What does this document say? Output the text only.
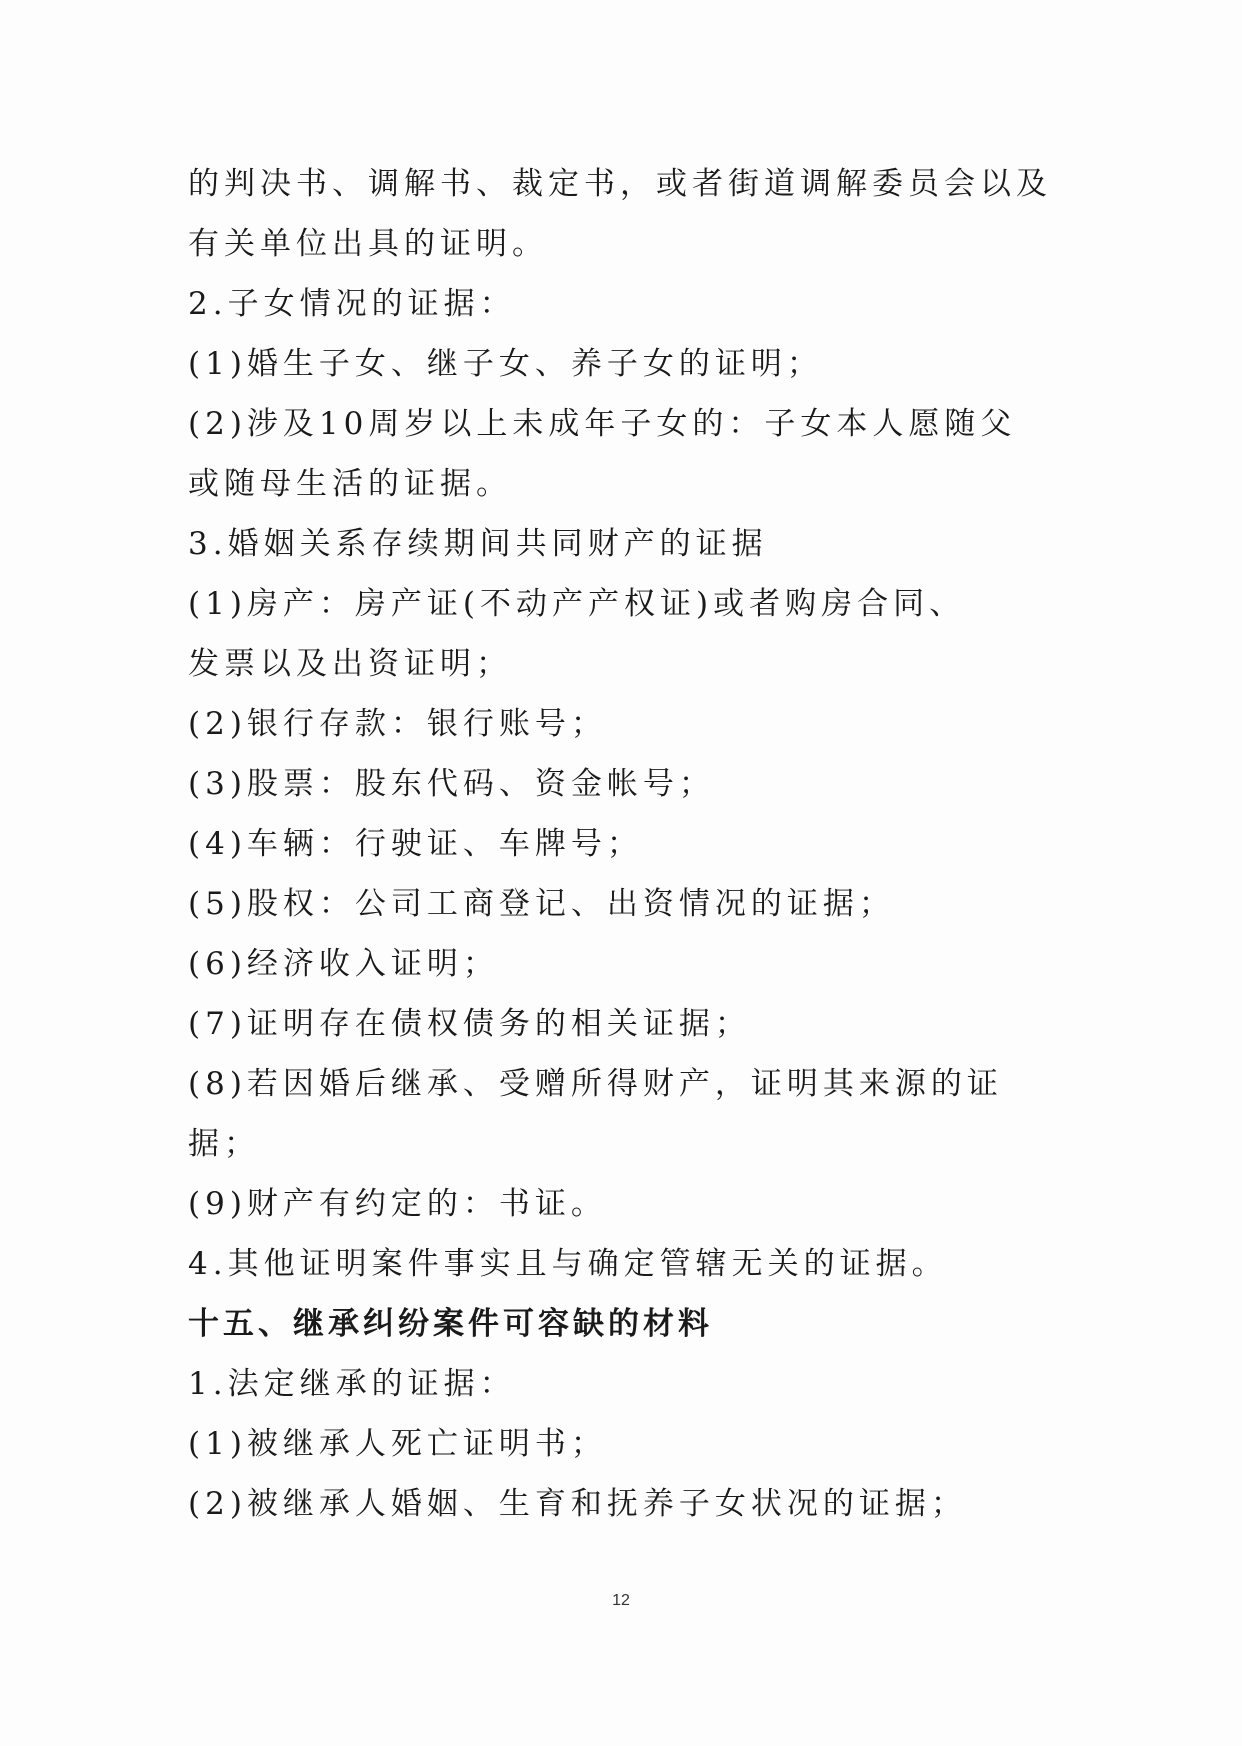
的判决书、调解书、裁定书，或者街道调解委员会以及
有关单位出具的证明。
2.子女情况的证据：
(1)婚生子女、继子女、养子女的证明；
(2)涉及10周岁以上未成年子女的：子女本人愿随父
或随母生活的证据。
3.婚姻关系存续期间共同财产的证据
(1)房产：房产证(不动产产权证)或者购房合同、
发票以及出资证明；
(2)银行存款：银行账号；
(3)股票：股东代码、资金帐号；
(4)车辆：行驶证、车牌号；
(5)股权：公司工商登记、出资情况的证据；
(6)经济收入证明；
(7)证明存在债权债务的相关证据；
(8)若因婚后继承、受赠所得财产，证明其来源的证
据；
(9)财产有约定的：书证。
4.其他证明案件事实且与确定管辖无关的证据。
十五、继承纠纷案件可容缺的材料
1.法定继承的证据：
(1)被继承人死亡证明书；
(2)被继承人婚姻、生育和抚养子女状况的证据；
12
